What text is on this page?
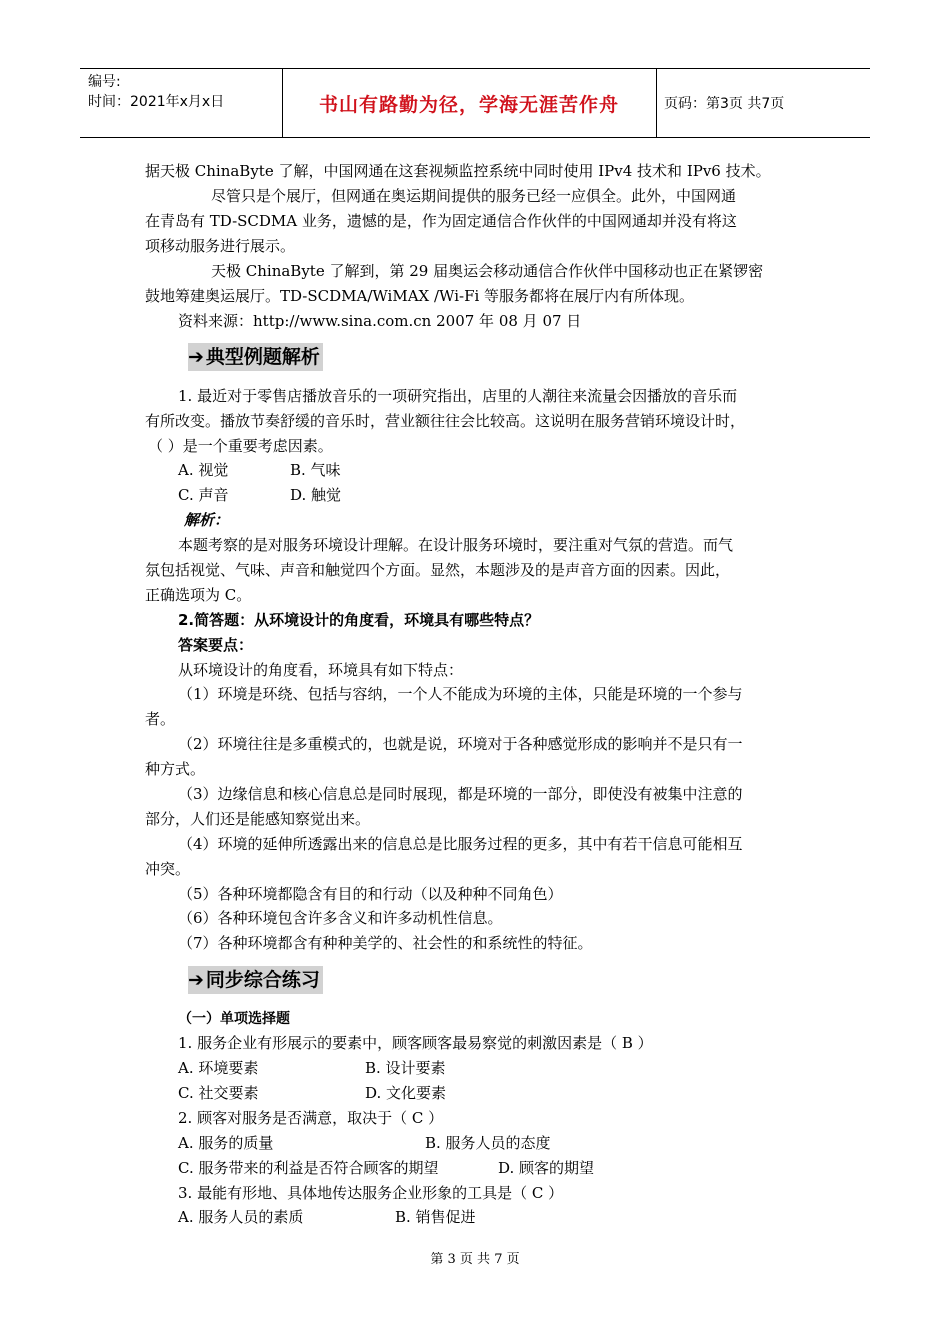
编号:
时间：2021年x月x日	书山有路勤为径，学海无涯苦作舟	页码：第3页 共7页
据天极 ChinaByte 了解，中国网通在这套视频监控系统中同时使用 IPv4 技术和 IPv6 技术。
尽管只是个展厅，但网通在奥运期间提供的服务已经一应俱全。此外，中国网通
在青岛有 TD-SCDMA 业务，遗憾的是，作为固定通信合作伙伴的中国网通却并没有将这
项移动服务进行展示。
天极 ChinaByte 了解到，第 29 届奥运会移动通信合作伙伴中国移动也正在紧锣密
鼓地筹建奥运展厅。TD-SCDMA/WiMAX /Wi-Fi 等服务都将在展厅内有所体现。
资料来源：http://www.sina.com.cn 2007 年 08 月 07 日
➔ 典型例题解析
1. 最近对于零售店播放音乐的一项研究指出，店里的人潮往来流量会因播放的音乐而
有所改变。播放节奏舒缓的音乐时，营业额往往会比较高。这说明在服务营销环境设计时，
（ ）是一个重要考虑因素。
A. 视觉	B. 气味
C. 声音	D. 触觉
解析：
本题考察的是对服务环境设计理解。在设计服务环境时，要注重对气氛的营造。而气
氛包括视觉、气味、声音和触觉四个方面。显然，本题涉及的是声音方面的因素。因此，
正确选项为 C。
2.简答题：从环境设计的角度看，环境具有哪些特点？
答案要点：
从环境设计的角度看，环境具有如下特点：
（1）环境是环绕、包括与容纳，一个人不能成为环境的主体，只能是环境的一个参与
者。
（2）环境往往是多重模式的，也就是说，环境对于各种感觉形成的影响并不是只有一
种方式。
（3）边缘信息和核心信息总是同时展现，都是环境的一部分，即使没有被集中注意的
部分，人们还是能感知察觉出来。
（4）环境的延伸所透露出来的信息总是比服务过程的更多，其中有若干信息可能相互
冲突。
（5）各种环境都隐含有目的和行动（以及种种不同角色）
（6）各种环境包含许多含义和许多动机性信息。
（7）各种环境都含有种种美学的、社会性的和系统性的特征。
➔ 同步综合练习
（一）单项选择题
1. 服务企业有形展示的要素中，顾客顾客最易察觉的刺激因素是（ B ）
A. 环境要素	B. 设计要素
C. 社交要素	D. 文化要素
2. 顾客对服务是否满意，取决于（ C ）
A. 服务的质量	B. 服务人员的态度
C. 服务带来的利益是否符合顾客的期望	D. 顾客的期望
3. 最能有形地、具体地传达服务企业形象的工具是（ C ）
A. 服务人员的素质	B. 销售促进
第 3 页 共 7 页
